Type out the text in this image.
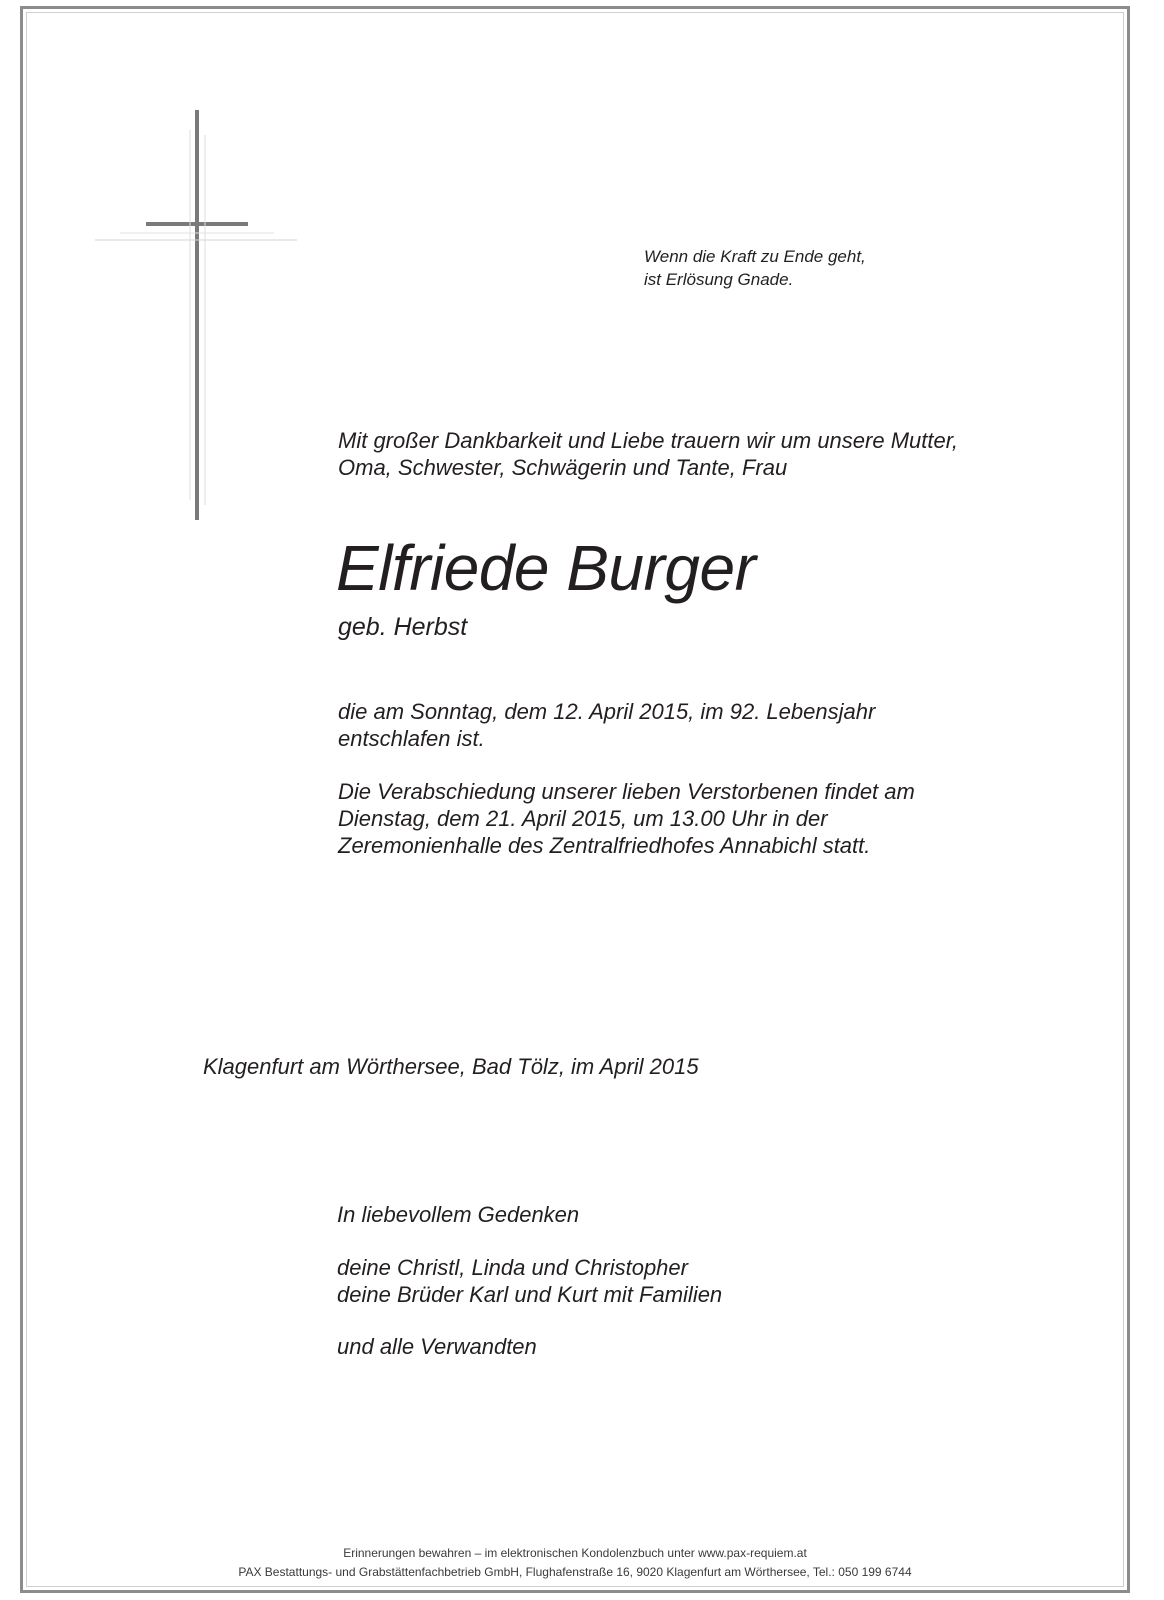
Wenn die Kraft zu Ende geht,
ist Erlösung Gnade.

Mit großer Dankbarkeit und Liebe trauern wir um unsere Mutter,
Oma, Schwester, Schwägerin und Tante, Frau

Elfriede Burger

geb. Herbst

die am Sonntag, dem 12. April 2015, im 92. Lebensjahr
entschlafen ist.

Die Verabschiedung unserer lieben Verstorbenen findet am
Dienstag, dem 21. April 2015, um 13.00 Uhr in der
Zeremonienhalle des Zentralfriedhofes Annabichl statt.

Klagenfurt am Wörthersee, Bad Tölz, im April 2015

In liebevollem Gedenken

deine Christl, Linda und Christopher
deine Brüder Karl und Kurt mit Familien

und alle Verwandten

Erinnerungen bewahren – im elektronischen Kondolenzbuch unter www.pax-requiem.at

PAX Bestattungs- und Grabstättenfachbetrieb GmbH, Flughafenstraße 16, 9020 Klagenfurt am Wörthersee, Tel.: 050 199 6744
